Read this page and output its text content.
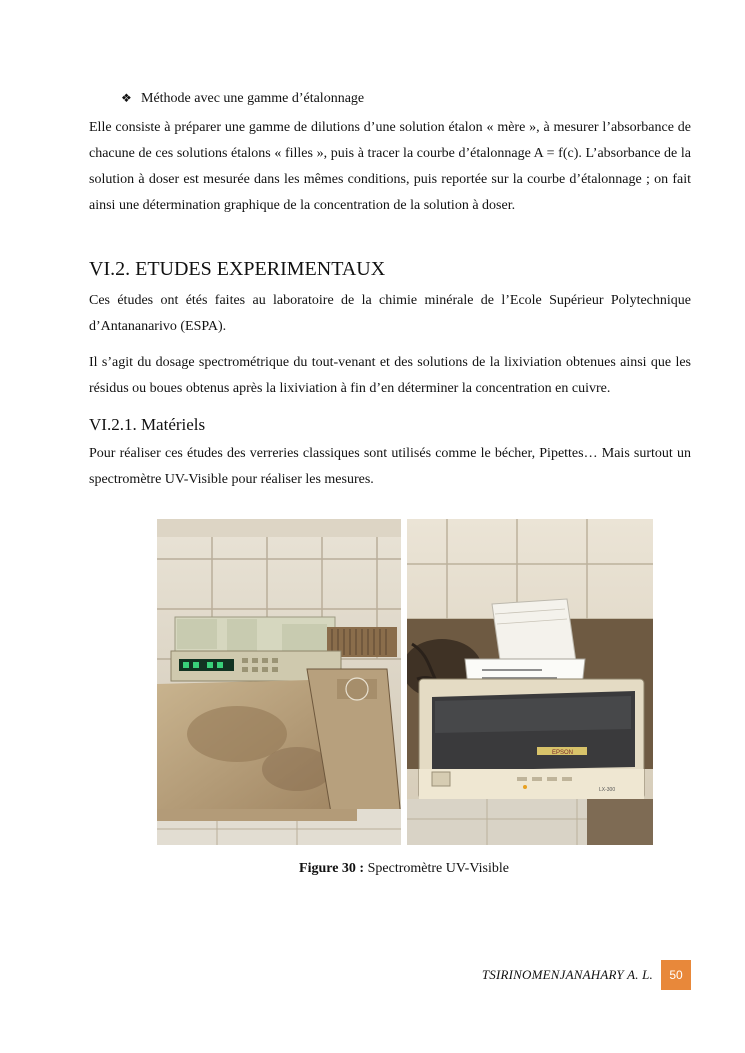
❖ Méthode avec une gamme d’étalonnage

Elle consiste à préparer une gamme de dilutions d’une solution étalon « mère », à mesurer l’absorbance de chacune de ces solutions étalons « filles », puis à tracer la courbe d’étalonnage A = f(c). L’absorbance de la solution à doser est mesurée dans les mêmes conditions, puis reportée sur la courbe d’étalonnage ; on fait ainsi une détermination graphique de la concentration de la solution à doser.

VI.2. ETUDES EXPERIMENTAUX

Ces études ont étés faites au laboratoire de la chimie minérale de l’Ecole Supérieur Polytechnique d’Antananarivo (ESPA).

Il s’agit du dosage spectrométrique du tout-venant et des solutions de la lixiviation obtenues ainsi que les résidus ou boues obtenus après la lixiviation à fin d’en déterminer la concentration en cuivre.

VI.2.1. Matériels

Pour réaliser ces études des verreries classiques sont utilisés comme le bécher, Pipettes… Mais surtout un spectromètre UV-Visible pour réaliser les mesures.

EPSON
LX-300
Figure 30 : Spectromètre UV-Visible
TSIRINOMENJANAHARY A. L.	50
